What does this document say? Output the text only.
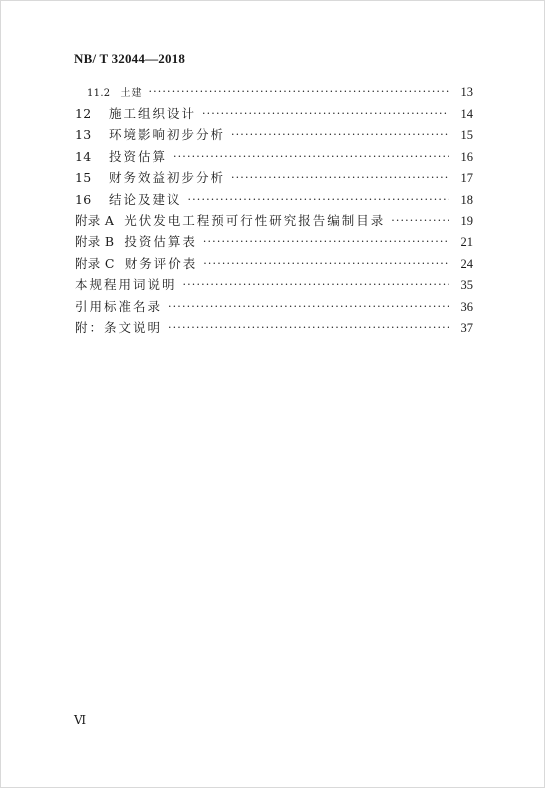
NB/ T 32044—2018
11.2	土建 ·····	13
12	施工组织设计 ·····	14
13	环境影响初步分析 ·····	15
14	投资估算 ·····	16
15	财务效益初步分析 ·····	17
16	结论及建议 ·····	18
附录 A 光伏发电工程预可行性研究报告编制目录 ·····	19
附录 B 投资估算表 ·····	21
附录 C 财务评价表 ·····	24
本规程用词说明 ·····	35
引用标准名录 ·····	36
附：条文说明 ·····	37
Ⅵ
